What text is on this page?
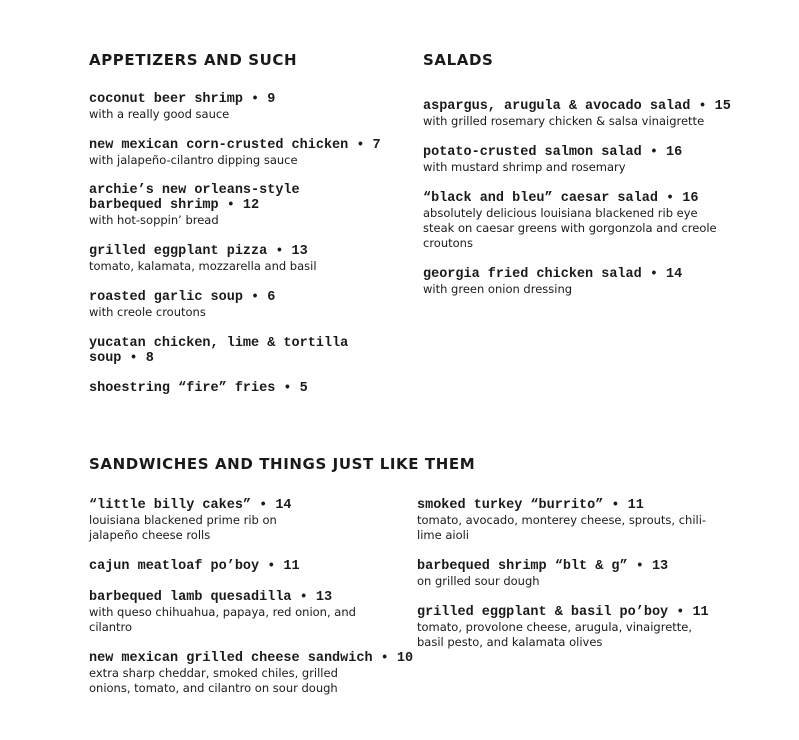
APPETIZERS AND SUCH
coconut beer shrimp • 9
with a really good sauce
new mexican corn-crusted chicken • 7
with jalapeño-cilantro dipping sauce
archie’s new orleans-style barbequed shrimp • 12
with hot-soppin’ bread
grilled eggplant pizza • 13
tomato, kalamata, mozzarella and basil
roasted garlic soup • 6
with creole croutons
yucatan chicken, lime & tortilla soup • 8
shoestring “fire” fries • 5
SALADS
aspargus, arugula & avocado salad • 15
with grilled rosemary chicken & salsa vinaigrette
potato-crusted salmon salad • 16
with mustard shrimp and rosemary
“black and bleu” caesar salad • 16
absolutely delicious louisiana blackened rib eye steak on caesar greens with gorgonzola and creole croutons
georgia fried chicken salad • 14
with green onion dressing
SANDWICHES AND THINGS JUST LIKE THEM
“little billy cakes” • 14
louisiana blackened prime rib on jalapeño cheese rolls
cajun meatloaf po’boy • 11
barbequed lamb quesadilla • 13
with queso chihuahua, papaya, red onion, and cilantro
new mexican grilled cheese sandwich • 10
extra sharp cheddar, smoked chiles, grilled onions, tomato, and cilantro on sour dough
smoked turkey “burrito” • 11
tomato, avocado, monterey cheese, sprouts, chili-lime aioli
barbequed shrimp “blt & g” • 13
on grilled sour dough
grilled eggplant & basil po’boy • 11
tomato, provolone cheese, arugula, vinaigrette, basil pesto, and kalamata olives
